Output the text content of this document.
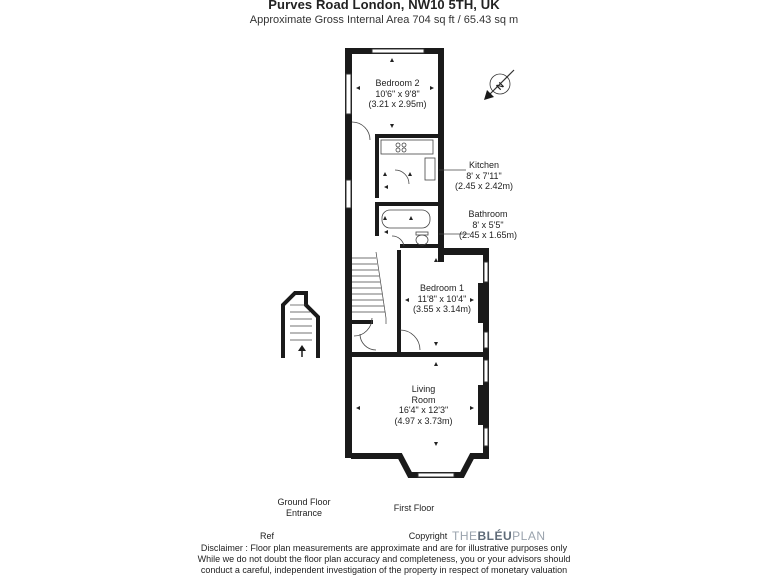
Purves Road London, NW10 5TH, UK
Approximate Gross Internal Area 704 sq ft / 65.43 sq m
N
Bedroom 2
10'6" x 9'8"
(3.21 x 2.95m)
Kitchen
8' x 7'11"
(2.45 x 2.42m)
Bathroom
8' x 5'5"
(2.45 x 1.65m)
Bedroom 1
11'8" x 10'4"
(3.55 x 3.14m)
Living
Room
16'4" x 12'3"
(4.97 x 3.73m)
Ground Floor
Entrance	First Floor
Ref	Copyright THEBLÉUPLAN
Disclaimer : Floor plan measurements are approximate and are for illustrative purposes only
While we do not doubt the floor plan accuracy and completeness, you or your advisors should
conduct a careful, independent investigation of the property in respect of monetary valuation
